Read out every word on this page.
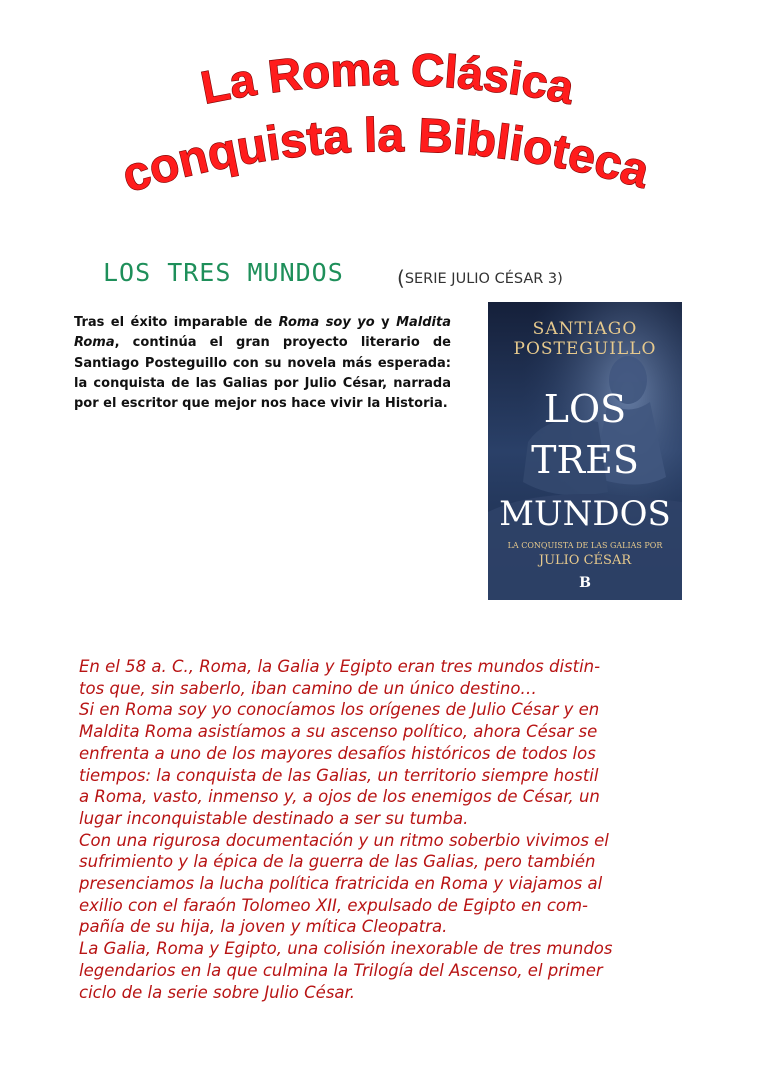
La Roma Clásica
conquista la Biblioteca
LOS TRES MUNDOS	(SERIE JULIO CÉSAR 3)

Tras el éxito imparable de Roma soy yo y Maldita Roma, continúa el gran proyecto literario de Santiago Posteguillo con su novela más esperada: la conquista de las Galias por Julio César, narrada por el escritor que mejor nos hace vivir la Historia.

SANTIAGO
POSTEGUILLO
LOS
TRES
MUNDOS
LA CONQUISTA DE LAS GALIAS POR
JULIO CÉSAR
B

En el 58 a. C., Roma, la Galia y Egipto eran tres mundos distin-
tos que, sin saberlo, iban camino de un único destino…
Si en Roma soy yo conocíamos los orígenes de Julio César y en
Maldita Roma asistíamos a su ascenso político, ahora César se
enfrenta a uno de los mayores desafíos históricos de todos los
tiempos: la conquista de las Galias, un territorio siempre hostil
a Roma, vasto, inmenso y, a ojos de los enemigos de César, un
lugar inconquistable destinado a ser su tumba.
Con una rigurosa documentación y un ritmo soberbio vivimos el
sufrimiento y la épica de la guerra de las Galias, pero también
presenciamos la lucha política fratricida en Roma y viajamos al
exilio con el faraón Tolomeo XII, expulsado de Egipto en com-
pañía de su hija, la joven y mítica Cleopatra.
La Galia, Roma y Egipto, una colisión inexorable de tres mundos
legendarios en la que culmina la Trilogía del Ascenso, el primer
ciclo de la serie sobre Julio César.
